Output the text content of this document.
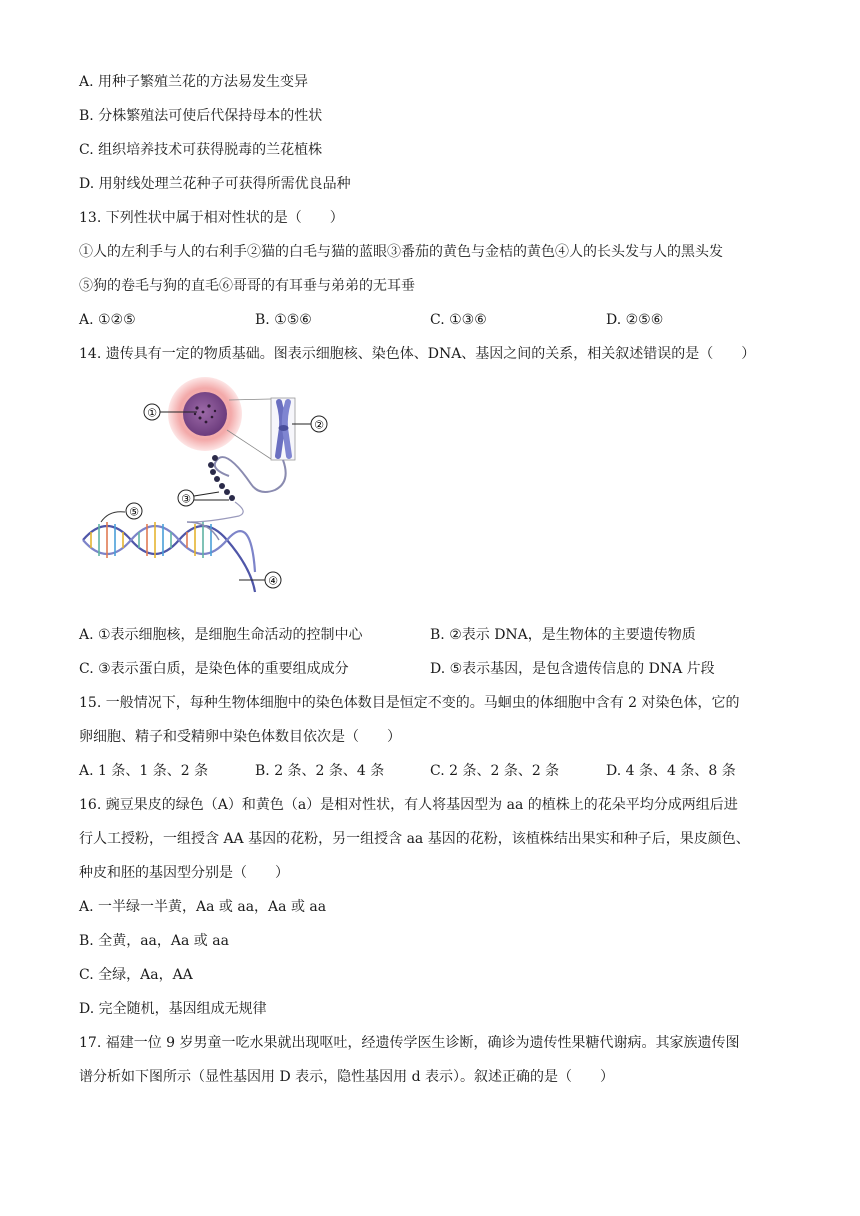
A. 用种子繁殖兰花的方法易发生变异
B. 分株繁殖法可使后代保持母本的性状
C. 组织培养技术可获得脱毒的兰花植株
D. 用射线处理兰花种子可获得所需优良品种
13. 下列性状中属于相对性状的是（　　）
①人的左利手与人的右利手②猫的白毛与猫的蓝眼③番茄的黄色与金桔的黄色④人的长头发与人的黑头发
⑤狗的卷毛与狗的直毛⑥哥哥的有耳垂与弟弟的无耳垂
A. ①②⑤	B. ①⑤⑥	C. ①③⑥	D. ②⑤⑥
14. 遗传具有一定的物质基础。图表示细胞核、染色体、DNA、基因之间的关系，相关叙述错误的是（　　）
①
②
③
⑤
④
A. ①表示细胞核，是细胞生命活动的控制中心	B. ②表示 DNA，是生物体的主要遗传物质
C. ③表示蛋白质，是染色体的重要组成成分	D. ⑤表示基因，是包含遗传信息的 DNA 片段
15. 一般情况下，每种生物体细胞中的染色体数目是恒定不变的。马蛔虫的体细胞中含有 2 对染色体，它的
卵细胞、精子和受精卵中染色体数目依次是（　　）
A. 1 条、1 条、2 条	B. 2 条、2 条、4 条	C. 2 条、2 条、2 条	D. 4 条、4 条、8 条
16. 豌豆果皮的绿色（A）和黄色（a）是相对性状，有人将基因型为 aa 的植株上的花朵平均分成两组后进
行人工授粉，一组授含 AA 基因的花粉，另一组授含 aa 基因的花粉，该植株结出果实和种子后，果皮颜色、
种皮和胚的基因型分别是（　　）
A. 一半绿一半黄，Aa 或 aa，Aa 或 aa
B. 全黄，aa，Aa 或 aa
C. 全绿，Aa，AA
D. 完全随机，基因组成无规律
17. 福建一位 9 岁男童一吃水果就出现呕吐，经遗传学医生诊断，确诊为遗传性果糖代谢病。其家族遗传图
谱分析如下图所示（显性基因用 D 表示，隐性基因用 d 表示）。叙述正确的是（　　）
